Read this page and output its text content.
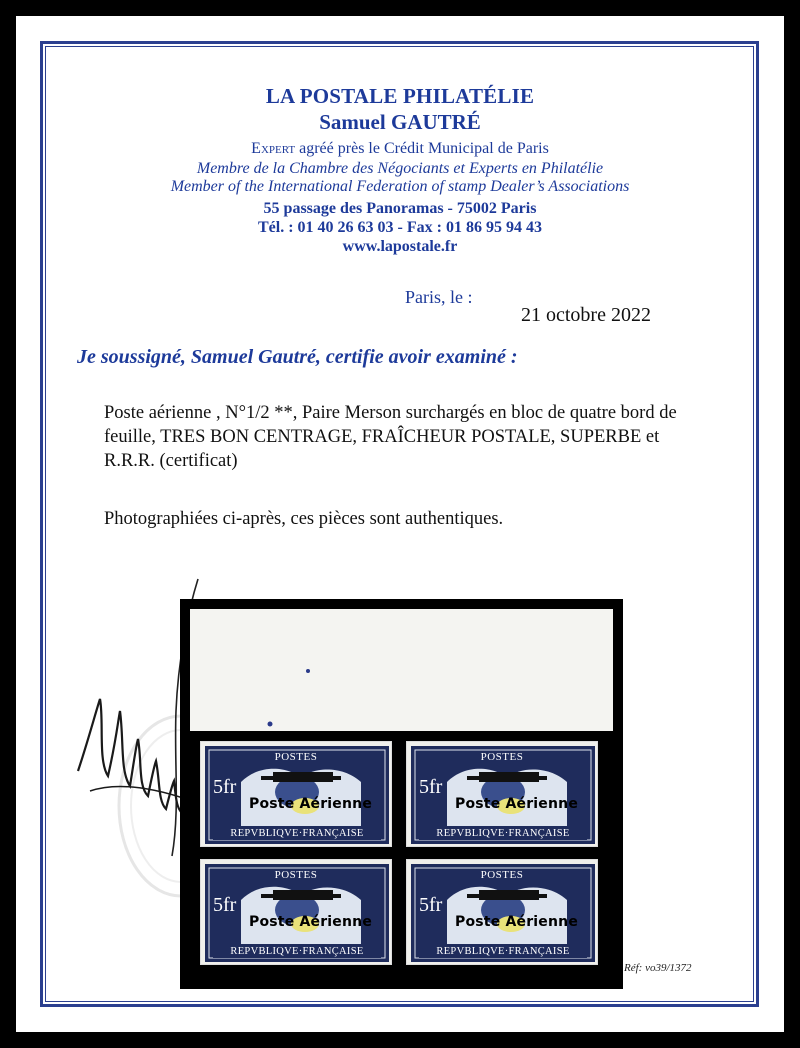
LA POSTALE PHILATÉLIE
Samuel GAUTRÉ
Expert agréé près le Crédit Municipal de Paris
Membre de la Chambre des Négociants et Experts en Philatélie
Member of the International Federation of stamp Dealer’s Associations
55 passage des Panoramas - 75002 Paris
Tél. : 01 40 26 63 03 - Fax : 01 86 95 94 43
www.lapostale.fr
Paris, le :
21 octobre 2022
Je soussigné, Samuel Gautré, certifie avoir examiné :
Poste aérienne , N°1/2 **, Paire Merson surchargés en bloc de quatre bord de feuille, TRES BON CENTRAGE, FRAÎCHEUR POSTALE, SUPERBE et R.R.R. (certificat)
Photographiées ci-après, ces pièces sont authentiques.
POSTES
5fr
Poste Aérienne
REPVBLIQVE·FRANÇAISE
POSTES
5fr
Poste Aérienne
REPVBLIQVE·FRANÇAISE
POSTES
5fr
Poste Aérienne
REPVBLIQVE·FRANÇAISE
POSTES
5fr
Poste Aérienne
REPVBLIQVE·FRANÇAISE
Réf: vo39/1372
